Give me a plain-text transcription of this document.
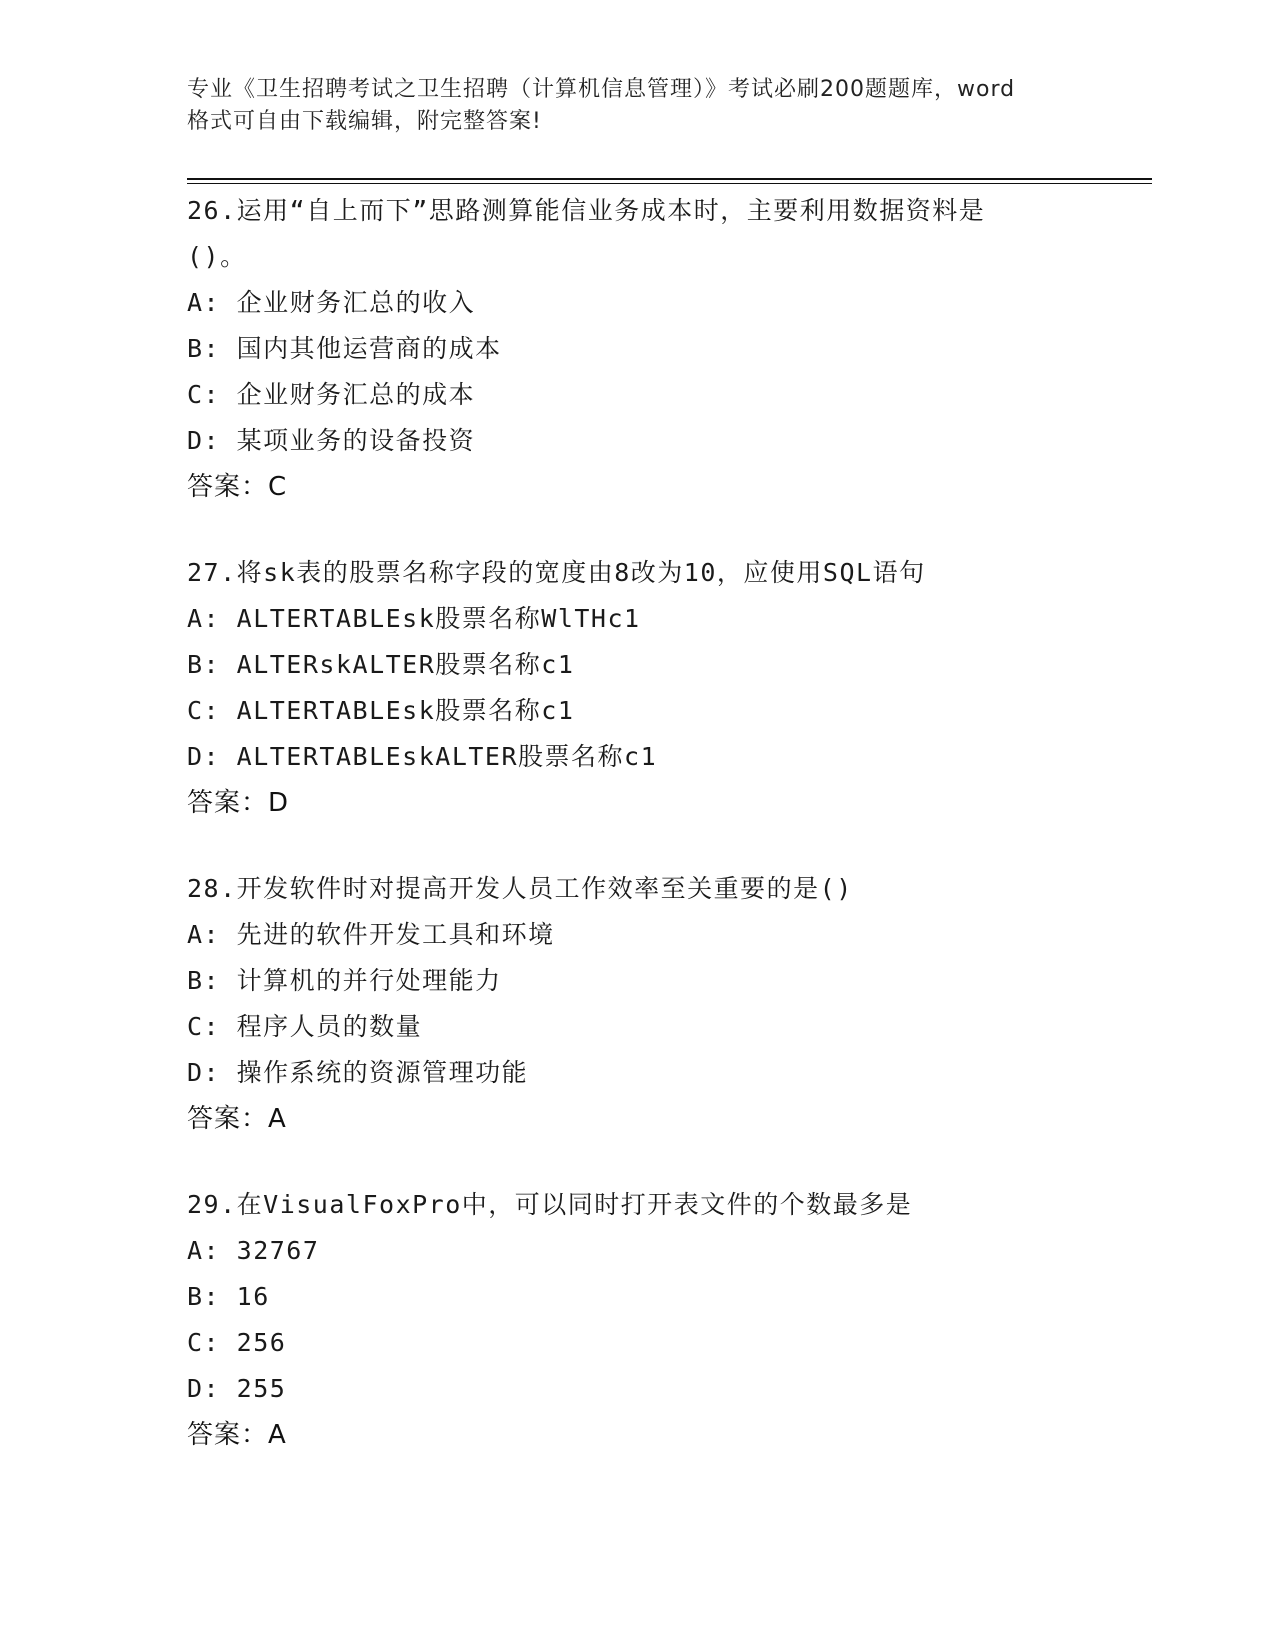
专业《卫生招聘考试之卫生招聘（计算机信息管理）》考试必刷200题题库，word
格式可自由下载编辑，附完整答案!

26.运用“自上而下”思路测算能信业务成本时，主要利用数据资料是

()。

A: 企业财务汇总的收入

B: 国内其他运营商的成本

C: 企业财务汇总的成本

D: 某项业务的设备投资

答案：C

27.将sk表的股票名称字段的宽度由8改为10，应使用SQL语句

A: ALTERTABLEsk股票名称WlTHc1

B: ALTERskALTER股票名称c1

C: ALTERTABLEsk股票名称c1

D: ALTERTABLEskALTER股票名称c1

答案：D

28.开发软件时对提高开发人员工作效率至关重要的是()

A: 先进的软件开发工具和环境

B: 计算机的并行处理能力

C: 程序人员的数量

D: 操作系统的资源管理功能

答案：A

29.在VisualFoxPro中，可以同时打开表文件的个数最多是

A: 32767

B: 16

C: 256

D: 255

答案：A
